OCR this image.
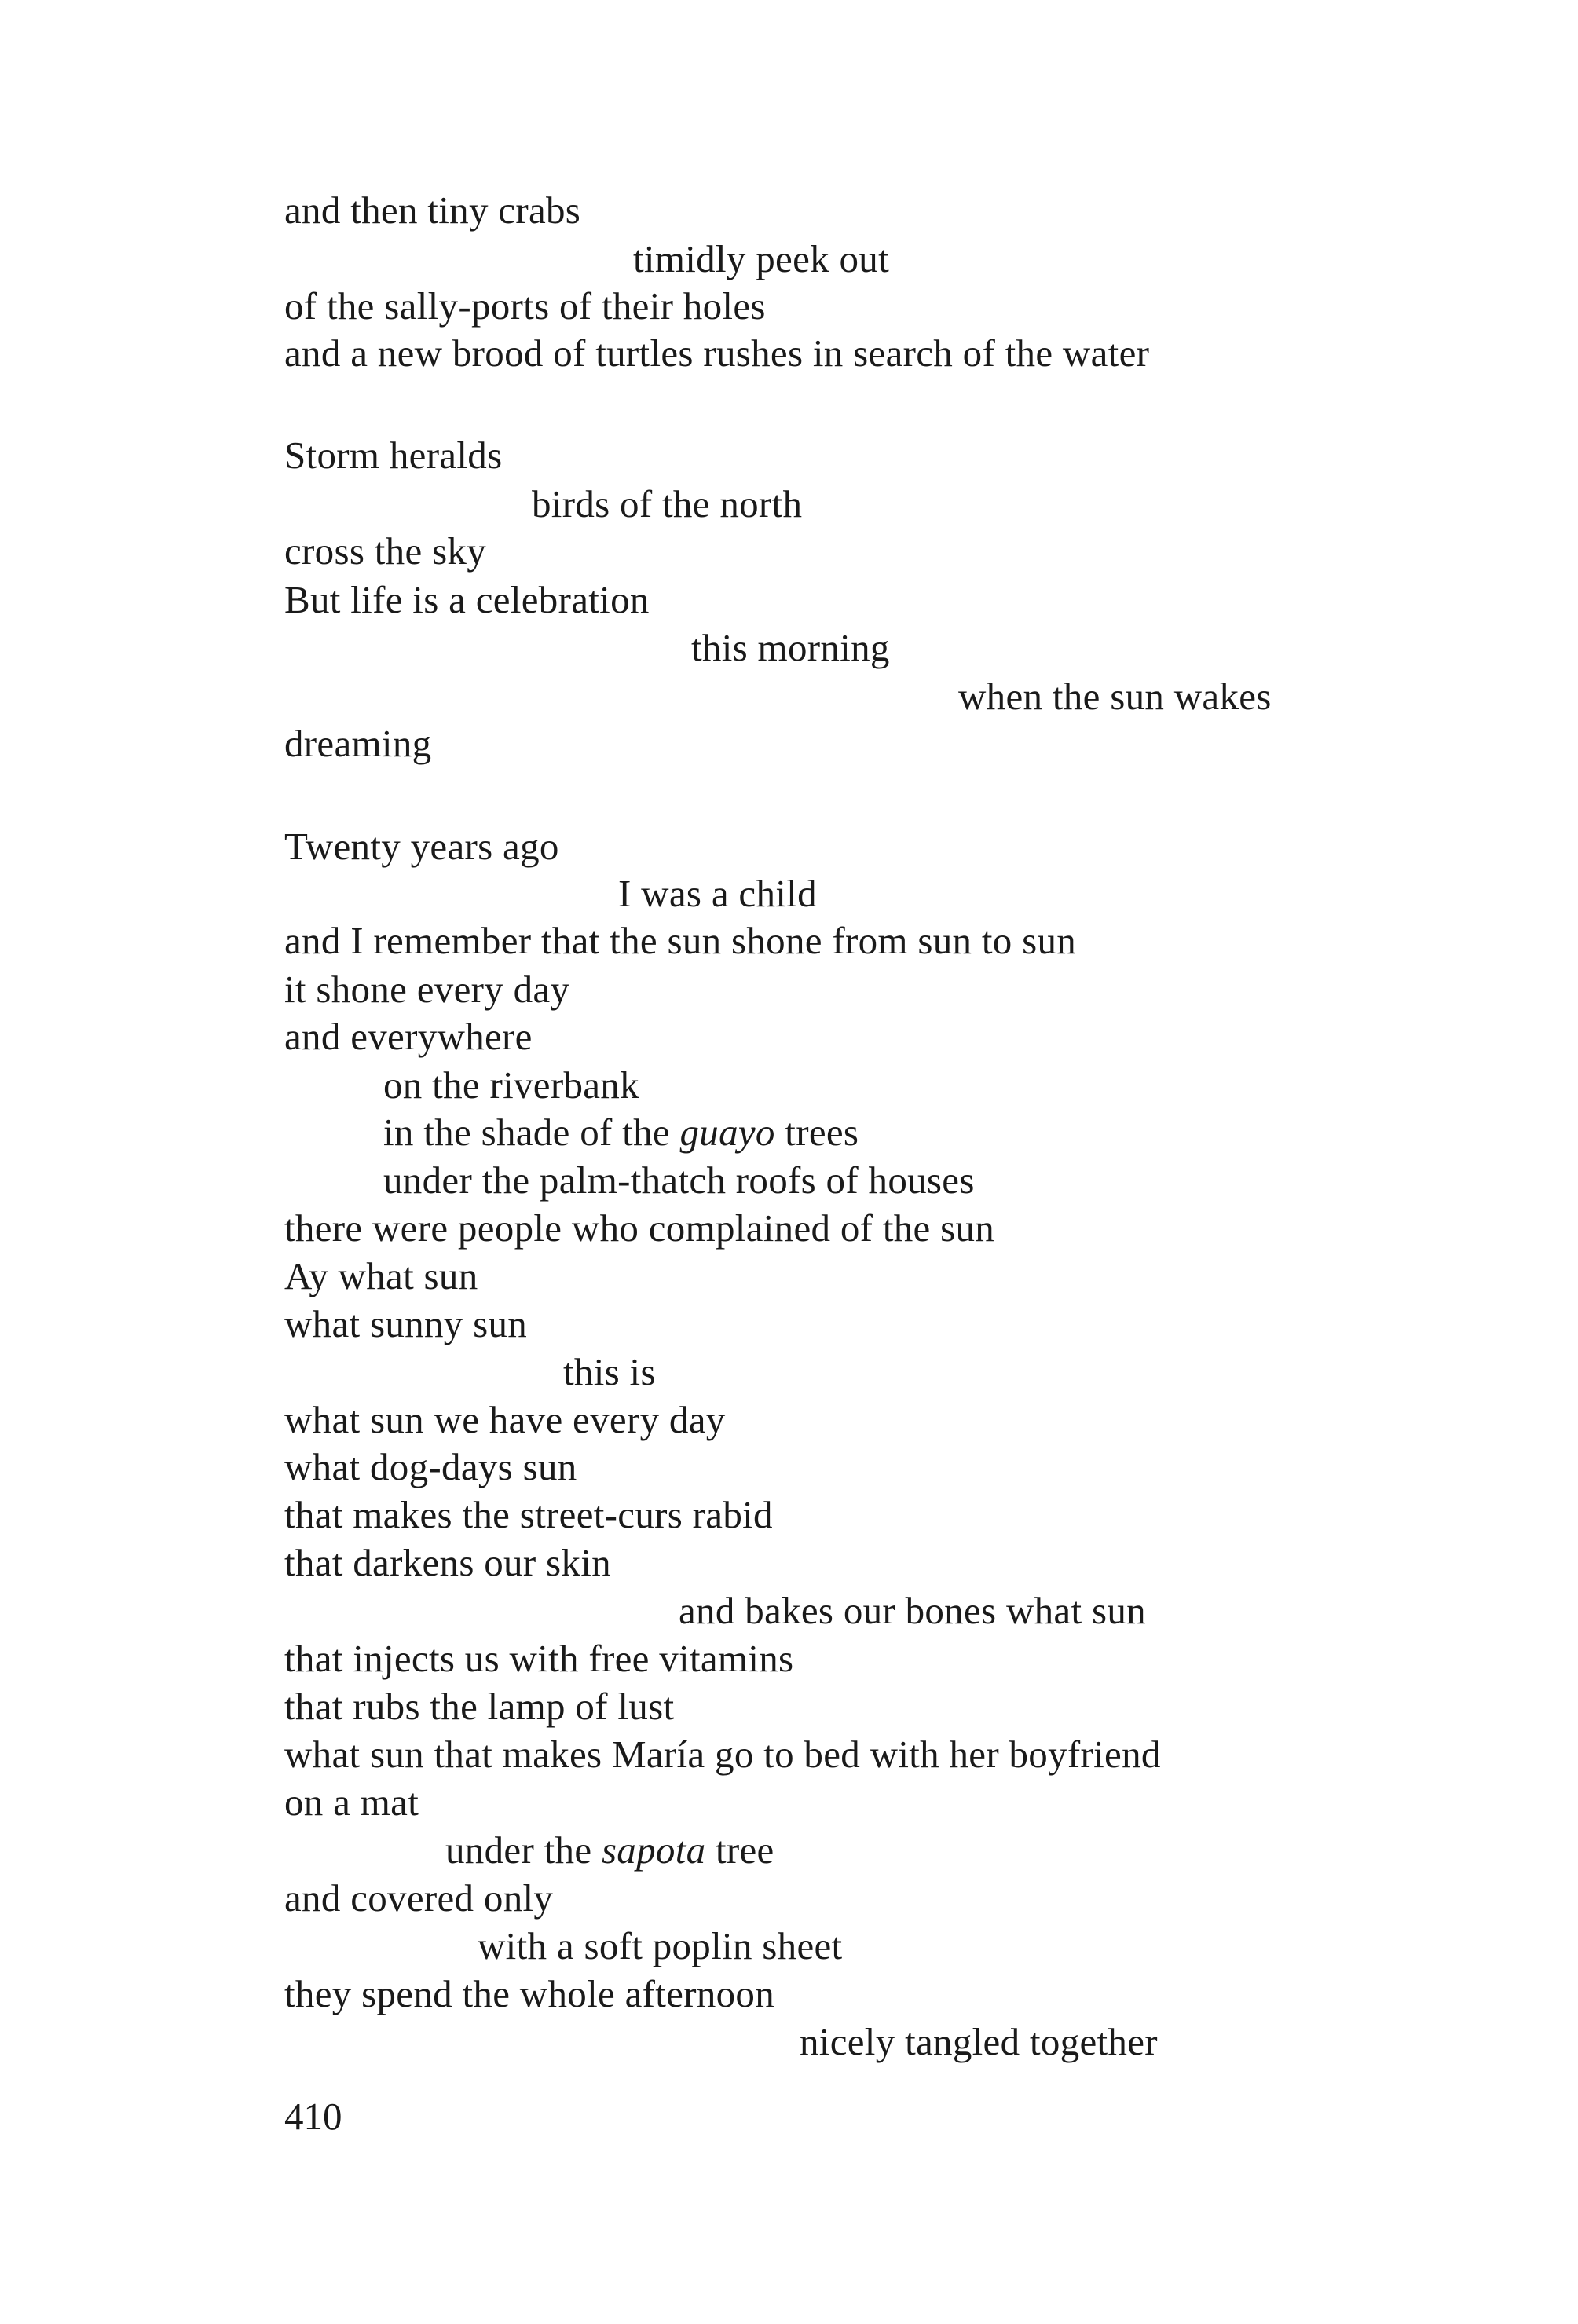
and then tiny crabs
timidly peek out
of the sally-ports of their holes
and a new brood of turtles rushes in search of the water
Storm heralds
birds of the north
cross the sky
But life is a celebration
this morning
when the sun wakes
dreaming
Twenty years ago
I was a child
and I remember that the sun shone from sun to sun
it shone every day
and everywhere
on the riverbank
in the shade of the guayo trees
under the palm-thatch roofs of houses
there were people who complained of the sun
Ay what sun
what sunny sun
this is
what sun we have every day
what dog-days sun
that makes the street-curs rabid
that darkens our skin
and bakes our bones what sun
that injects us with free vitamins
that rubs the lamp of lust
what sun that makes María go to bed with her boyfriend
on a mat
under the sapota tree
and covered only
with a soft poplin sheet
they spend the whole afternoon
nicely tangled together
410
